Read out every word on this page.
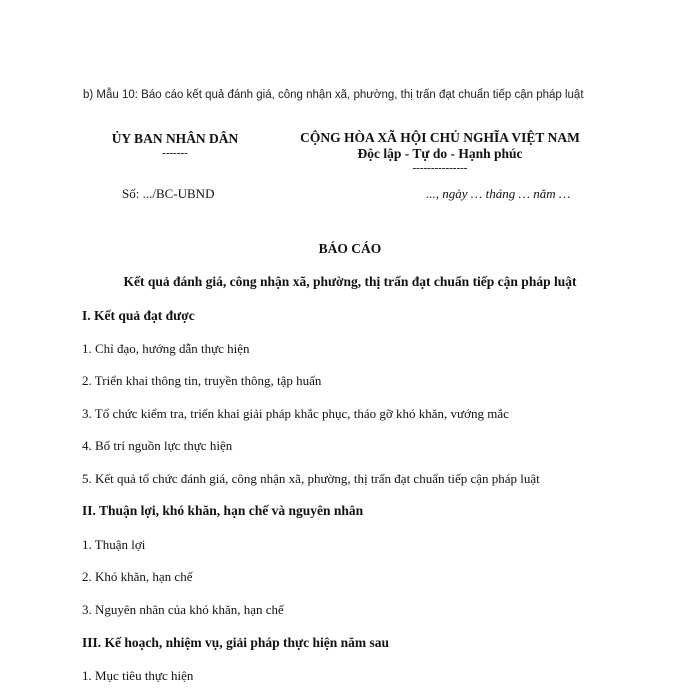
b) Mẫu 10: Báo cáo kết quả đánh giá, công nhận xã, phường, thị trấn đạt chuẩn tiếp cận pháp luật
ỦY BAN NHÂN DÂN
-------
CỘNG HÒA XÃ HỘI CHỦ NGHĨA VIỆT NAM
Độc lập - Tự do - Hạnh phúc
---------------
Số: .../BC-UBND	..., ngày … tháng … năm …
BÁO CÁO
Kết quả đánh giá, công nhận xã, phường, thị trấn đạt chuẩn tiếp cận pháp luật
I. Kết quả đạt được
1. Chỉ đạo, hướng dẫn thực hiện
2. Triển khai thông tin, truyền thông, tập huấn
3. Tổ chức kiểm tra, triển khai giải pháp khắc phục, tháo gỡ khó khăn, vướng mắc
4. Bố trí nguồn lực thực hiện
5. Kết quả tổ chức đánh giá, công nhận xã, phường, thị trấn đạt chuẩn tiếp cận pháp luật
II. Thuận lợi, khó khăn, hạn chế và nguyên nhân
1. Thuận lợi
2. Khó khăn, hạn chế
3. Nguyên nhân của khó khăn, hạn chế
III. Kế hoạch, nhiệm vụ, giải pháp thực hiện năm sau
1. Mục tiêu thực hiện
